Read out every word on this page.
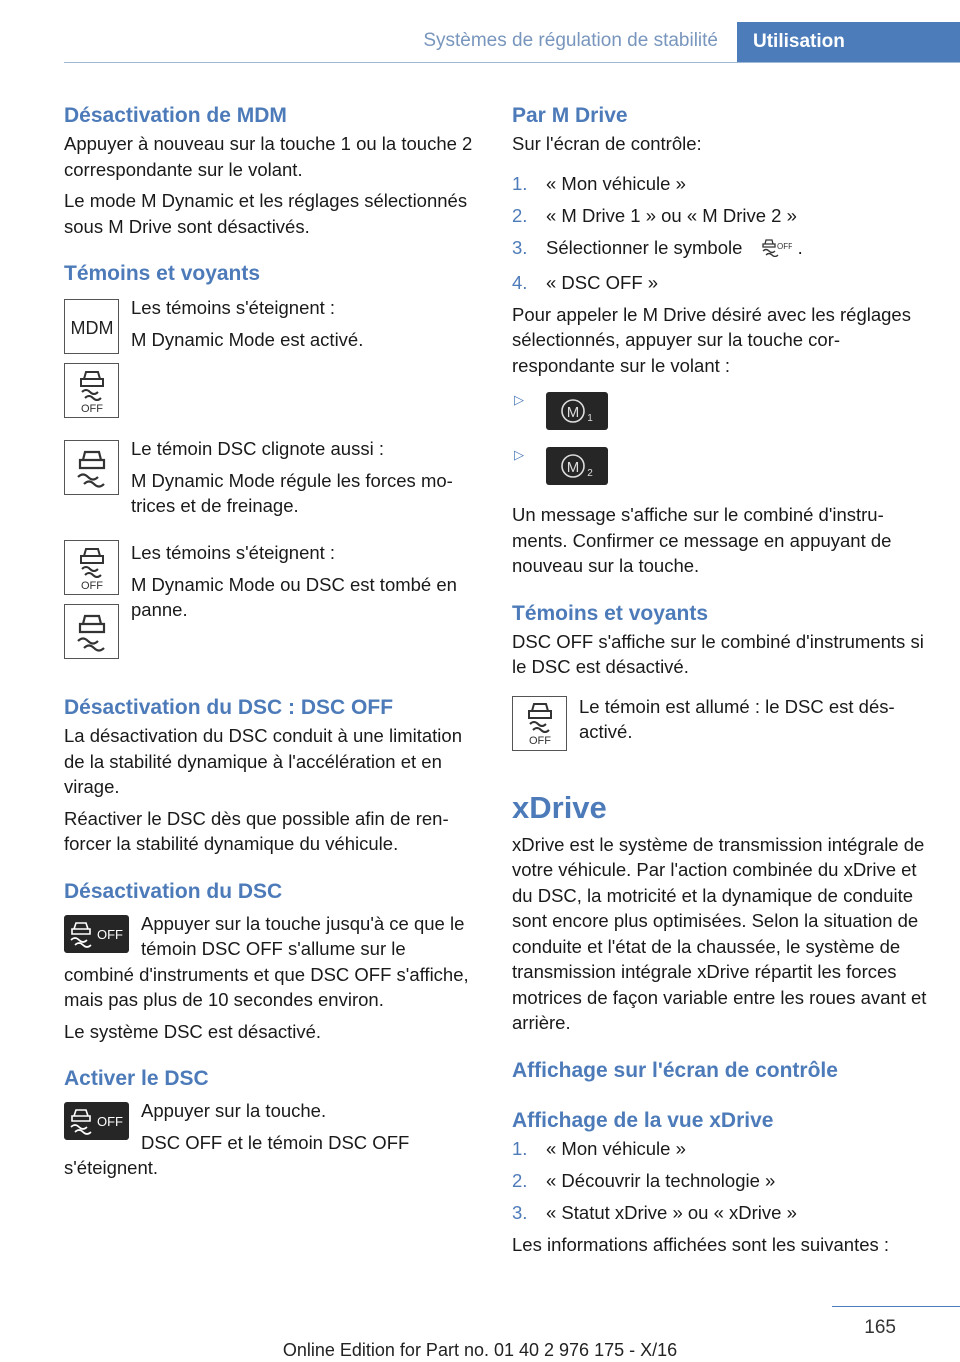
Systèmes de régulation de stabilité	Utilisation
Désactivation de MDM

Appuyer à nouveau sur la touche 1 ou la touche 2 correspondante sur le volant.

Le mode M Dynamic et les réglages sélectionnés sous M Drive sont désactivés.

Témoins et voyants
MDM
OFF

Les témoins s'éteignent :

M Dynamic Mode est activé.

Le témoin DSC clignote aussi :

M Dynamic Mode régule les forces motrices et de freinage.

OFF

Les témoins s'éteignent :

M Dynamic Mode ou DSC est tombé en panne.

Désactivation du DSC : DSC OFF

La désactivation du DSC conduit à une limitation de la stabilité dynamique à l'accélération et en virage.

Réactiver le DSC dès que possible afin de renforcer la stabilité dynamique du véhicule.

Désactivation du DSC
OFF

Appuyer sur la touche jusqu'à ce que le témoin DSC OFF s'allume sur le combiné d'instruments et que DSC OFF s'affiche, mais pas plus de 10 secondes environ.

Le système DSC est désactivé.

Activer le DSC
OFF

Appuyer sur la touche.

DSC OFF et le témoin DSC OFF s'éteignent.

Par M Drive

Sur l'écran de contrôle:

1. « Mon véhicule »
2. « M Drive 1 » ou « M Drive 2 »
3. Sélectionner le symbole	OFF .
4. « DSC OFF »

Pour appeler le M Drive désiré avec les réglages sélectionnés, appuyer sur la touche correspondante sur le volant :

▷
M 1
▷
M 2

Un message s'affiche sur le combiné d'instruments. Confirmer ce message en appuyant de nouveau sur la touche.

Témoins et voyants

DSC OFF s'affiche sur le combiné d'instruments si le DSC est désactivé.

OFF

Le témoin est allumé : le DSC est désactivé.

xDrive

xDrive est le système de transmission intégrale de votre véhicule. Par l'action combinée du xDrive et du DSC, la motricité et la dynamique de conduite sont encore plus optimisées. Selon la situation de conduite et l'état de la chaussée, le système de transmission intégrale xDrive répartit les forces motrices de façon variable entre les roues avant et arrière.

Affichage sur l'écran de contrôle
Affichage de la vue xDrive
1. « Mon véhicule »
2. « Découvrir la technologie »
3. « Statut xDrive » ou « xDrive »

Les informations affichées sont les suivantes :

165
Online Edition for Part no. 01 40 2 976 175 - X/16
